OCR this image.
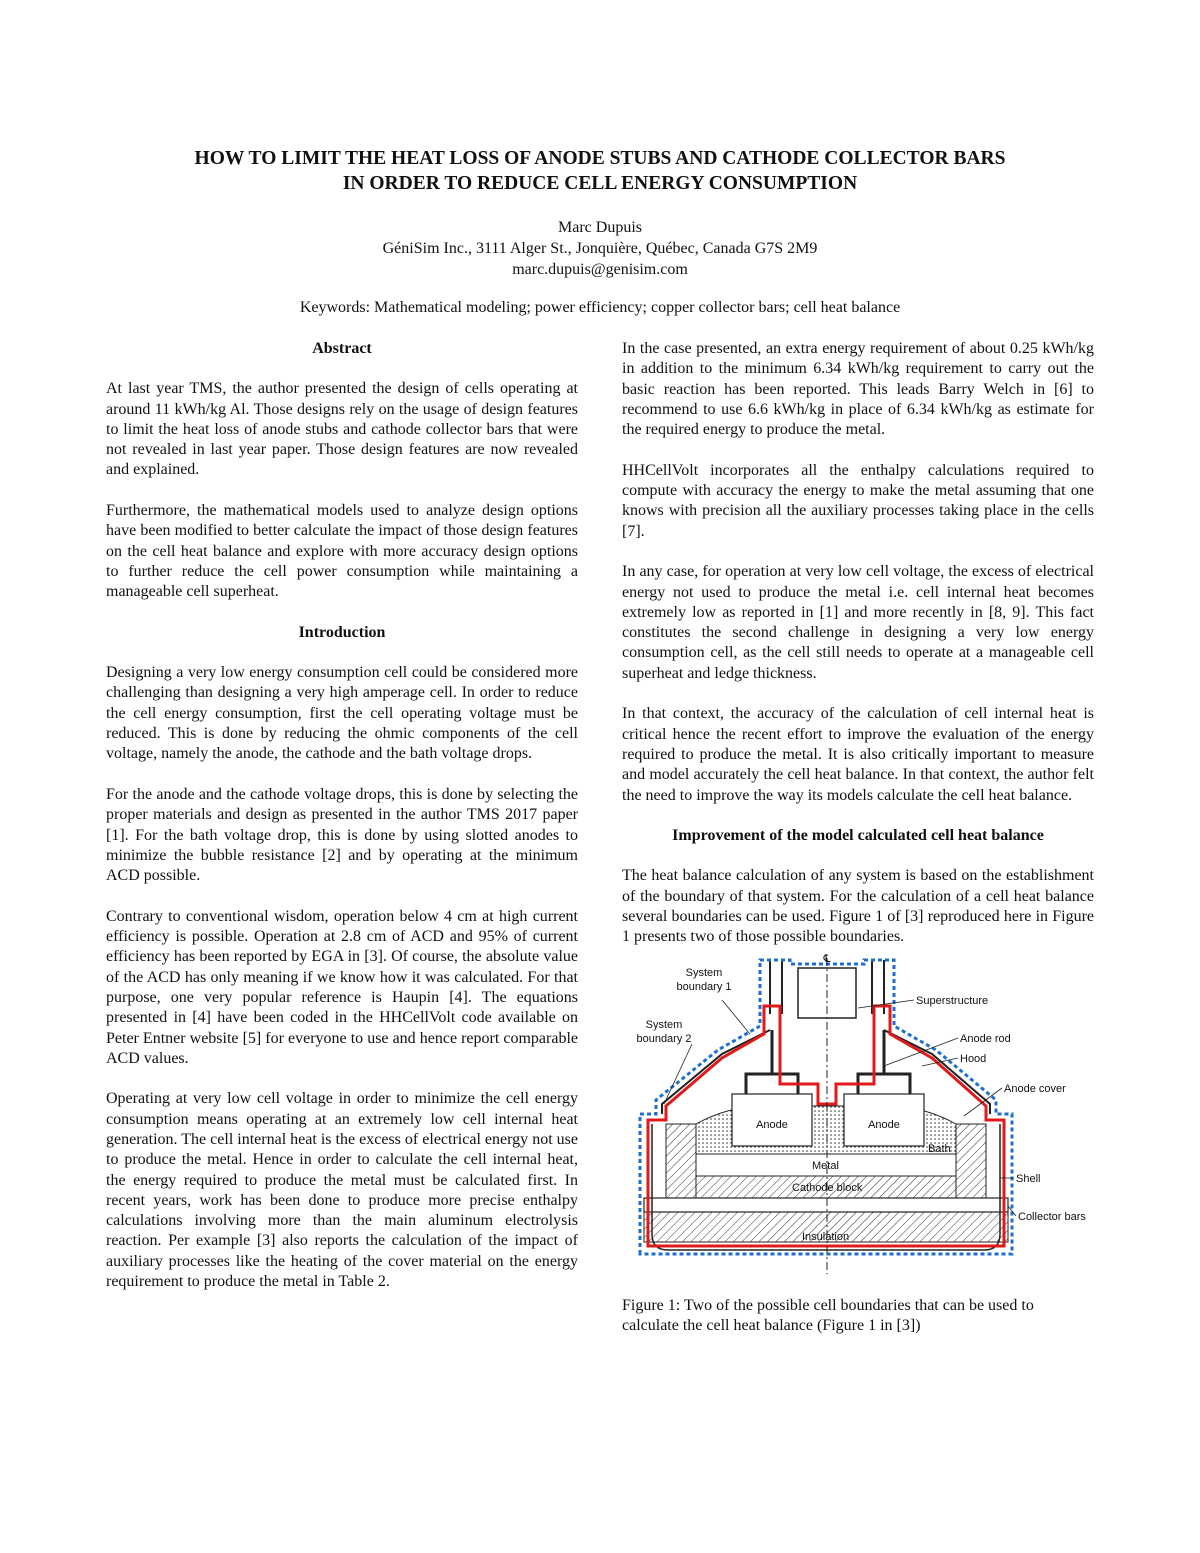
HOW TO LIMIT THE HEAT LOSS OF ANODE STUBS AND CATHODE COLLECTOR BARS
IN ORDER TO REDUCE CELL ENERGY CONSUMPTION
Marc Dupuis
GéniSim Inc., 3111 Alger St., Jonquière, Québec, Canada G7S 2M9
marc.dupuis@genisim.com
Keywords: Mathematical modeling; power efficiency; copper collector bars; cell heat balance
Abstract

At last year TMS, the author presented the design of cells operating at around 11 kWh/kg Al. Those designs rely on the usage of design features to limit the heat loss of anode stubs and cathode collector bars that were not revealed in last year paper. Those design features are now revealed and explained.

Furthermore, the mathematical models used to analyze design options have been modified to better calculate the impact of those design features on the cell heat balance and explore with more accuracy design options to further reduce the cell power consumption while maintaining a manageable cell superheat.

Introduction

Designing a very low energy consumption cell could be considered more challenging than designing a very high amperage cell. In order to reduce the cell energy consumption, first the cell operating voltage must be reduced. This is done by reducing the ohmic components of the cell voltage, namely the anode, the cathode and the bath voltage drops.

For the anode and the cathode voltage drops, this is done by selecting the proper materials and design as presented in the author TMS 2017 paper [1]. For the bath voltage drop, this is done by using slotted anodes to minimize the bubble resistance [2] and by operating at the minimum ACD possible.

Contrary to conventional wisdom, operation below 4 cm at high current efficiency is possible. Operation at 2.8 cm of ACD and 95% of current efficiency has been reported by EGA in [3]. Of course, the absolute value of the ACD has only meaning if we know how it was calculated. For that purpose, one very popular reference is Haupin [4]. The equations presented in [4] have been coded in the HHCellVolt code available on Peter Entner website [5] for everyone to use and hence report comparable ACD values.

Operating at very low cell voltage in order to minimize the cell energy consumption means operating at an extremely low cell internal heat generation. The cell internal heat is the excess of electrical energy not use to produce the metal. Hence in order to calculate the cell internal heat, the energy required to produce the metal must be calculated first. In recent years, work has been done to produce more precise enthalpy calculations involving more than the main aluminum electrolysis reaction. Per example [3] also reports the calculation of the impact of auxiliary processes like the heating of the cover material on the energy requirement to produce the metal in Table 2.

In the case presented, an extra energy requirement of about 0.25 kWh/kg in addition to the minimum 6.34 kWh/kg requirement to carry out the basic reaction has been reported. This leads Barry Welch in [6] to recommend to use 6.6 kWh/kg in place of 6.34 kWh/kg as estimate for the required energy to produce the metal.

HHCellVolt incorporates all the enthalpy calculations required to compute with accuracy the energy to make the metal assuming that one knows with precision all the auxiliary processes taking place in the cells [7].

In any case, for operation at very low cell voltage, the excess of electrical energy not used to produce the metal i.e. cell internal heat becomes extremely low as reported in [1] and more recently in [8, 9]. This fact constitutes the second challenge in designing a very low energy consumption cell, as the cell still needs to operate at a manageable cell superheat and ledge thickness.

In that context, the accuracy of the calculation of cell internal heat is critical hence the recent effort to improve the evaluation of the energy required to produce the metal. It is also critically important to measure and model accurately the cell heat balance. In that context, the author felt the need to improve the way its models calculate the cell heat balance.

Improvement of the model calculated cell heat balance

The heat balance calculation of any system is based on the establishment of the boundary of that system. For the calculation of a cell heat balance several boundaries can be used. Figure 1 of [3] reproduced here in Figure 1 presents two of those possible boundaries.

℄
System
boundary 1
System
boundary 2
Superstructure
Anode rod
Hood
Anode cover
Anode	Anode
Bath
Metal
Shell
Cathode block
Collector bars
Insulation
Figure 1: Two of the possible cell boundaries that can be used to calculate the cell heat balance (Figure 1 in [3])
